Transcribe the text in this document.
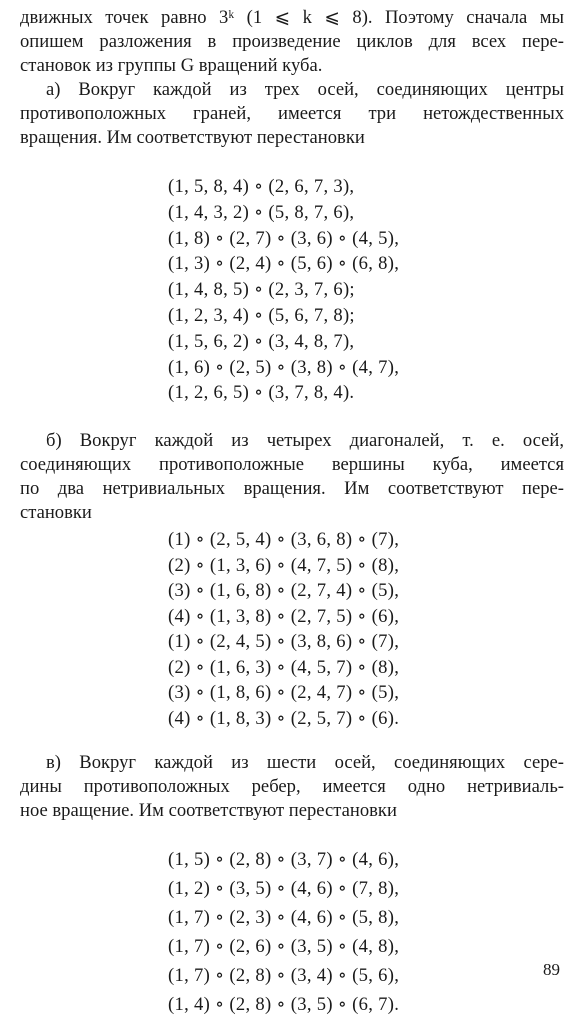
движных точек равно 3ᵏ (1 ⩽ k ⩽ 8). Поэтому сначала мы
опишем разложения в произведение циклов для всех пере-
становок из группы G вращений куба.

а) Вокруг каждой из трех осей, соединяющих центры
противоположных граней, имеется три нетождественных
вращения. Им соответствуют перестановки

(1, 5, 8, 4) ∘ (2, 6, 7, 3),
(1, 4, 3, 2) ∘ (5, 8, 7, 6),
(1, 8) ∘ (2, 7) ∘ (3, 6) ∘ (4, 5),
(1, 3) ∘ (2, 4) ∘ (5, 6) ∘ (6, 8),
(1, 4, 8, 5) ∘ (2, 3, 7, 6);
(1, 2, 3, 4) ∘ (5, 6, 7, 8);
(1, 5, 6, 2) ∘ (3, 4, 8, 7),
(1, 6) ∘ (2, 5) ∘ (3, 8) ∘ (4, 7),
(1, 2, 6, 5) ∘ (3, 7, 8, 4).

б) Вокруг каждой из четырех диагоналей, т. е. осей,
соединяющих противоположные вершины куба, имеется
по два нетривиальных вращения. Им соответствуют пере-
становки

(1) ∘ (2, 5, 4) ∘ (3, 6, 8) ∘ (7),
(2) ∘ (1, 3, 6) ∘ (4, 7, 5) ∘ (8),
(3) ∘ (1, 6, 8) ∘ (2, 7, 4) ∘ (5),
(4) ∘ (1, 3, 8) ∘ (2, 7, 5) ∘ (6),
(1) ∘ (2, 4, 5) ∘ (3, 8, 6) ∘ (7),
(2) ∘ (1, 6, 3) ∘ (4, 5, 7) ∘ (8),
(3) ∘ (1, 8, 6) ∘ (2, 4, 7) ∘ (5),
(4) ∘ (1, 8, 3) ∘ (2, 5, 7) ∘ (6).

в) Вокруг каждой из шести осей, соединяющих сере-
дины противоположных ребер, имеется одно нетривиаль-
ное вращение. Им соответствуют перестановки

(1, 5) ∘ (2, 8) ∘ (3, 7) ∘ (4, 6),
(1, 2) ∘ (3, 5) ∘ (4, 6) ∘ (7, 8),
(1, 7) ∘ (2, 3) ∘ (4, 6) ∘ (5, 8),
(1, 7) ∘ (2, 6) ∘ (3, 5) ∘ (4, 8),
(1, 7) ∘ (2, 8) ∘ (3, 4) ∘ (5, 6),
(1, 4) ∘ (2, 8) ∘ (3, 5) ∘ (6, 7).
89
